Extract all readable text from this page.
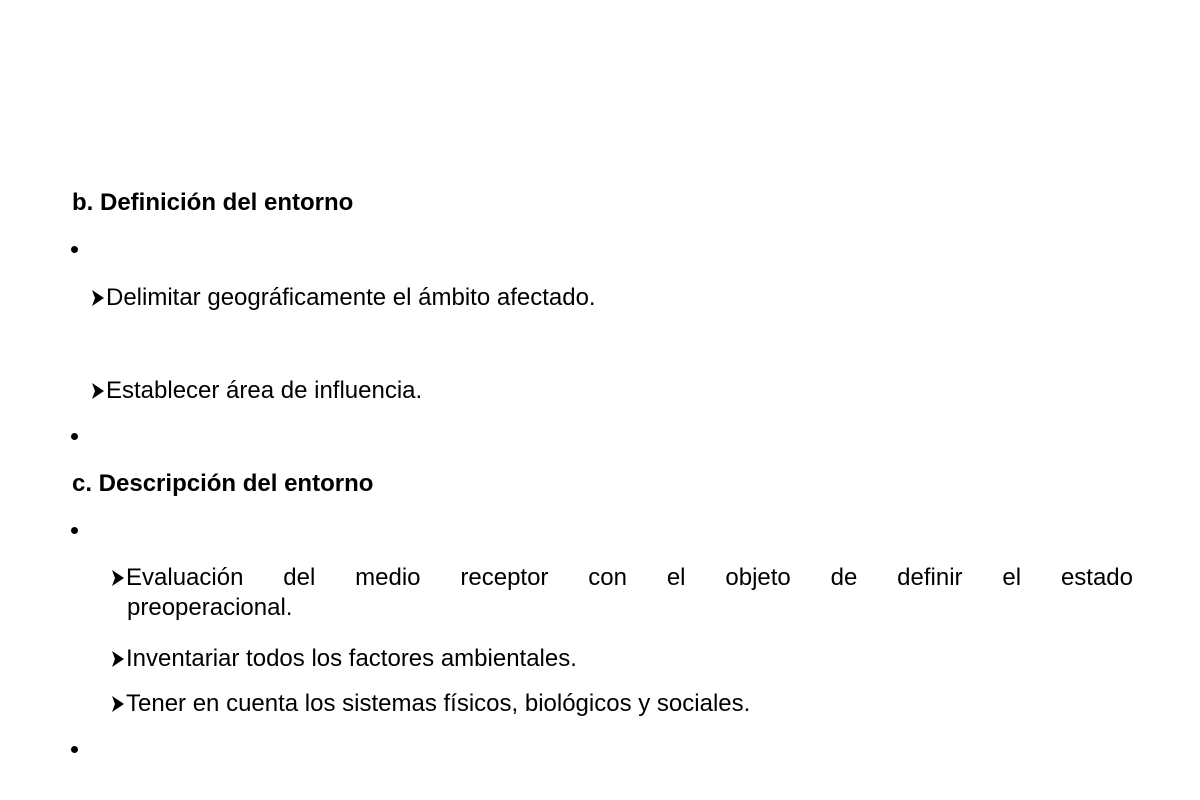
b. Definición del entorno
Delimitar geográficamente el ámbito afectado.
Establecer área de influencia.
c. Descripción del entorno
Evaluación del medio receptor con el objeto de definir el estado
preoperacional.
Inventariar todos los factores ambientales.
Tener en cuenta los sistemas físicos, biológicos y sociales.
